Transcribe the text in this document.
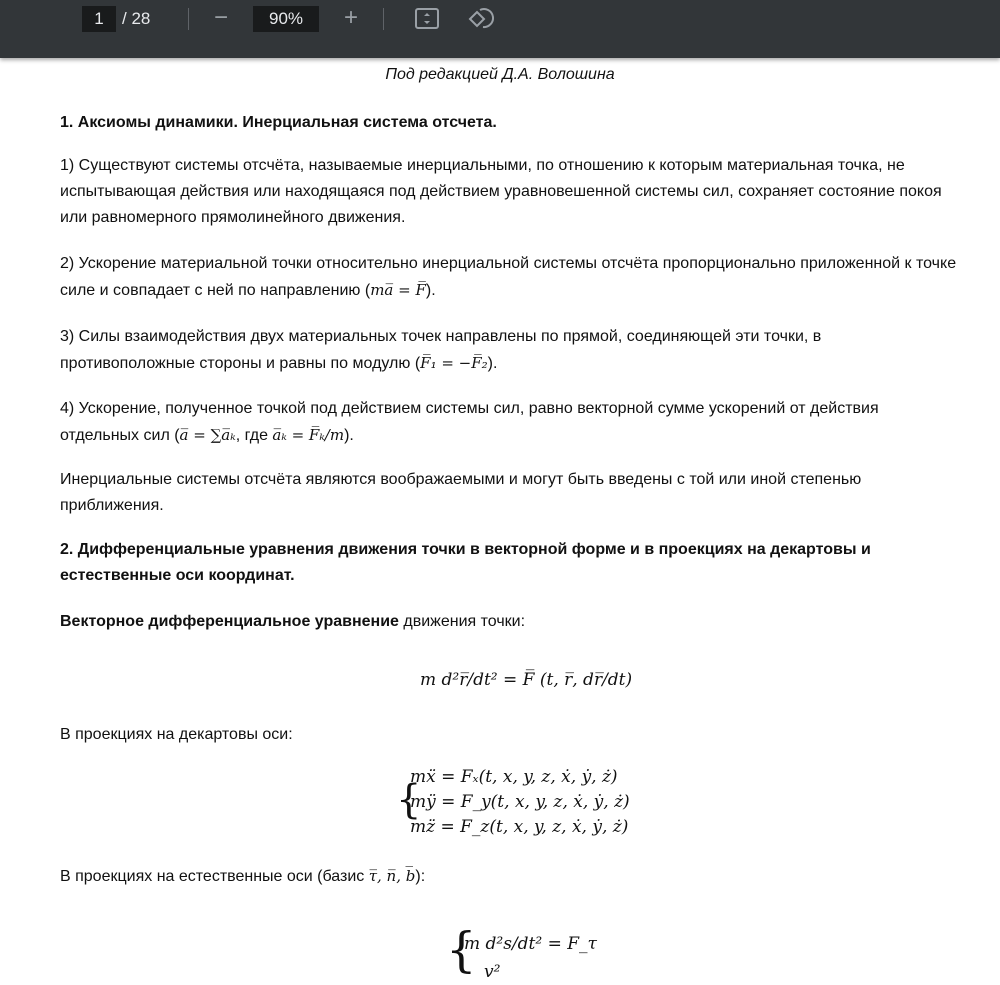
1	/ 28	−	90%	+
Под редакцией Д.А. Волошина
1. Аксиомы динамики. Инерциальная система отсчета.
1) Существуют системы отсчёта, называемые инерциальными, по отношению к которым материальная точка, не испытывающая действия или находящаяся под действием уравновешенной системы сил, сохраняет состояние покоя или равномерного прямолинейного движения.
2) Ускорение материальной точки относительно инерциальной системы отсчёта пропорционально приложенной к точке силе и совпадает с ней по направлению (ma̅ = F̅).
3) Силы взаимодействия двух материальных точек направлены по прямой, соединяющей эти точки, в противоположные стороны и равны по модулю (F̅₁ = −F̅₂).
4) Ускорение, полученное точкой под действием системы сил, равно векторной сумме ускорений от действия отдельных сил (a̅ = ∑a̅ₖ, где a̅ₖ = F̅ₖ/m).
Инерциальные системы отсчёта являются воображаемыми и могут быть введены с той или иной степенью приближения.
2. Дифференциальные уравнения движения точки в векторной форме и в проекциях на декартовы и естественные оси координат.
Векторное дифференциальное уравнение движения точки:
m d²r̅/dt² = F̅ (t, r̅, dr̅/dt)
В проекциях на декартовы оси:
{
mẍ = Fₓ(t, x, y, z, ẋ, ẏ, ż)
mÿ = F_y(t, x, y, z, ẋ, ẏ, ż)
mz̈ = F_z(t, x, y, z, ẋ, ẏ, ż)
В проекциях на естественные оси (базис τ̅, n̅, b̅):
{
m d²s/dt² = F_τ
v²
